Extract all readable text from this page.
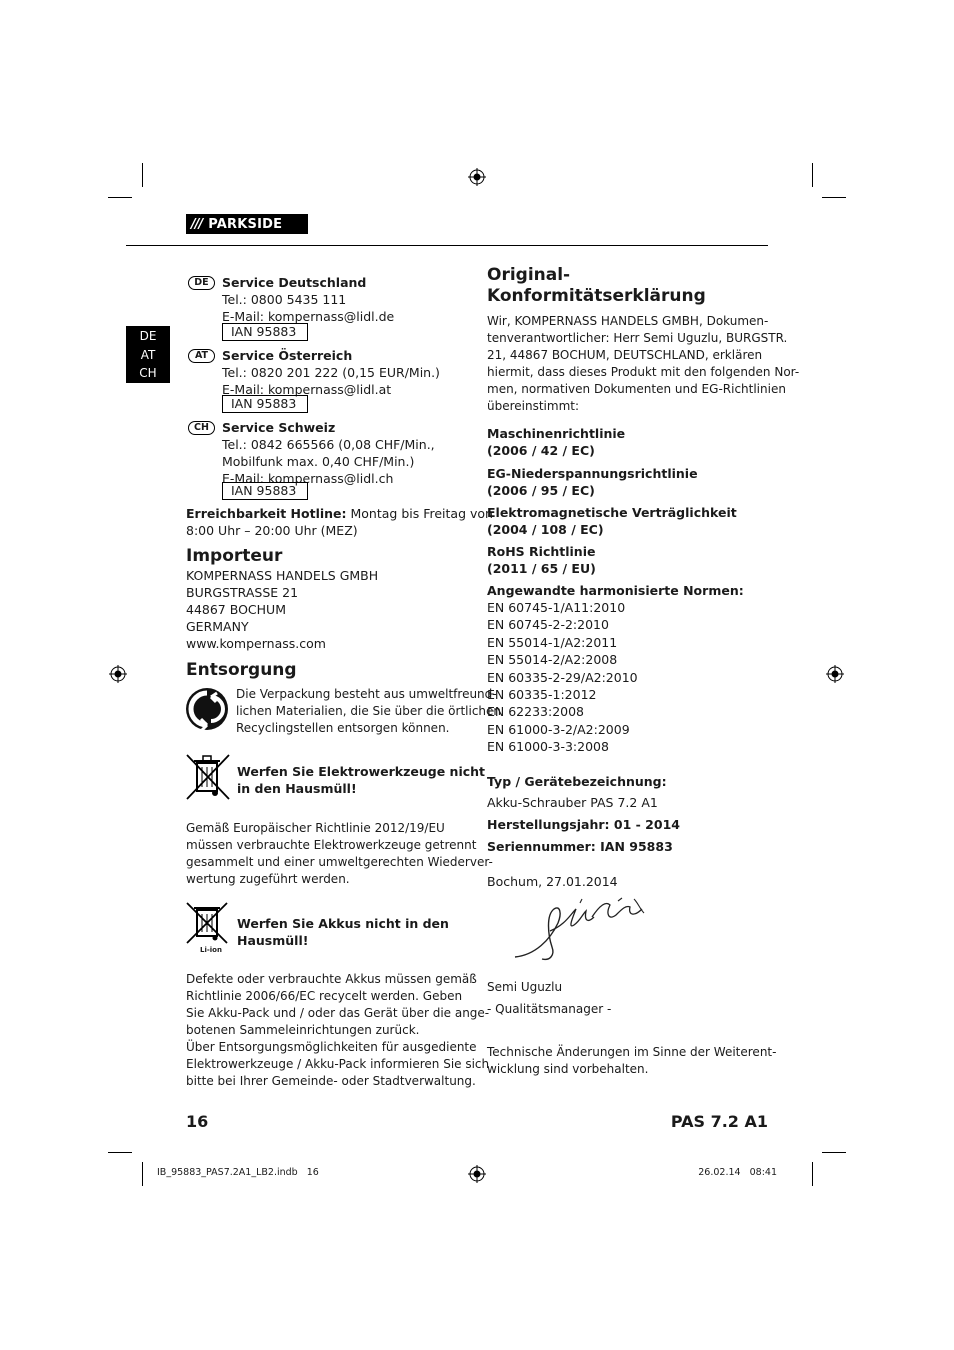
/// PARKSIDE
DE
AT
CH
DE	Service Deutschland
Tel.: 0800 5435 111
E-Mail: kompernass@lidl.de
IAN 95883
AT	Service Österreich
Tel.: 0820 201 222 (0,15 EUR/Min.)
E-Mail: kompernass@lidl.at
IAN 95883
CH	Service Schweiz
Tel.: 0842 665566 (0,08 CHF/Min.,
Mobilfunk max. 0,40 CHF/Min.)
E-Mail: kompernass@lidl.ch
IAN 95883
Erreichbarkeit Hotline: Montag bis Freitag von
8:00 Uhr – 20:00 Uhr (MEZ)
Importeur
KOMPERNASS HANDELS GMBH
BURGSTRASSE 21
44867 BOCHUM
GERMANY
www.kompernass.com
Entsorgung
Die Verpackung besteht aus umweltfreund-
lichen Materialien, die Sie über die örtlichen
Recyclingstellen entsorgen können.
Werfen Sie Elektrowerkzeuge nicht
in den Hausmüll!
Gemäß Europäischer Richtlinie 2012/19/EU
müssen verbrauchte Elektrowerkzeuge getrennt
gesammelt und einer umweltgerechten Wiederver-
wertung zugeführt werden.
Li-ion
Werfen Sie Akkus nicht in den
Hausmüll!
Defekte oder verbrauchte Akkus müssen gemäß
Richtlinie 2006/66/EC recycelt werden. Geben
Sie Akku-Pack und / oder das Gerät über die ange-
botenen Sammeleinrichtungen zurück.
Über Entsorgungsmöglichkeiten für ausgediente
Elektrowerkzeuge / Akku-Pack informieren Sie sich
bitte bei Ihrer Gemeinde- oder Stadtverwaltung.
Original-
Konformitätserklärung
Wir, KOMPERNASS HANDELS GMBH, Dokumen-
tenverantwortlicher: Herr Semi Uguzlu, BURGSTR.
21, 44867 BOCHUM, DEUTSCHLAND, erklären
hiermit, dass dieses Produkt mit den folgenden Nor-
men, normativen Dokumenten und EG-Richtlinien
übereinstimmt:
Maschinenrichtlinie
(2006 / 42 / EC)
EG-Niederspannungsrichtlinie
(2006 / 95 / EC)
Elektromagnetische Verträglichkeit
(2004 / 108 / EC)
RoHS Richtlinie
(2011 / 65 / EU)
Angewandte harmonisierte Normen:
EN 60745-1/A11:2010
EN 60745-2-2:2010
EN 55014-1/A2:2011
EN 55014-2/A2:2008
EN 60335-2-29/A2:2010
EN 60335-1:2012
EN 62233:2008
EN 61000-3-2/A2:2009
EN 61000-3-3:2008
Typ / Gerätebezeichnung:
Akku-Schrauber PAS 7.2 A1
Herstellungsjahr: 01 - 2014
Seriennummer: IAN 95883
Bochum, 27.01.2014
Semi Uguzlu
- Qualitätsmanager -
Technische Änderungen im Sinne der Weiterent-
wicklung sind vorbehalten.
16	PAS 7.2 A1
IB_95883_PAS7.2A1_LB2.indb   16	26.02.14   08:41
